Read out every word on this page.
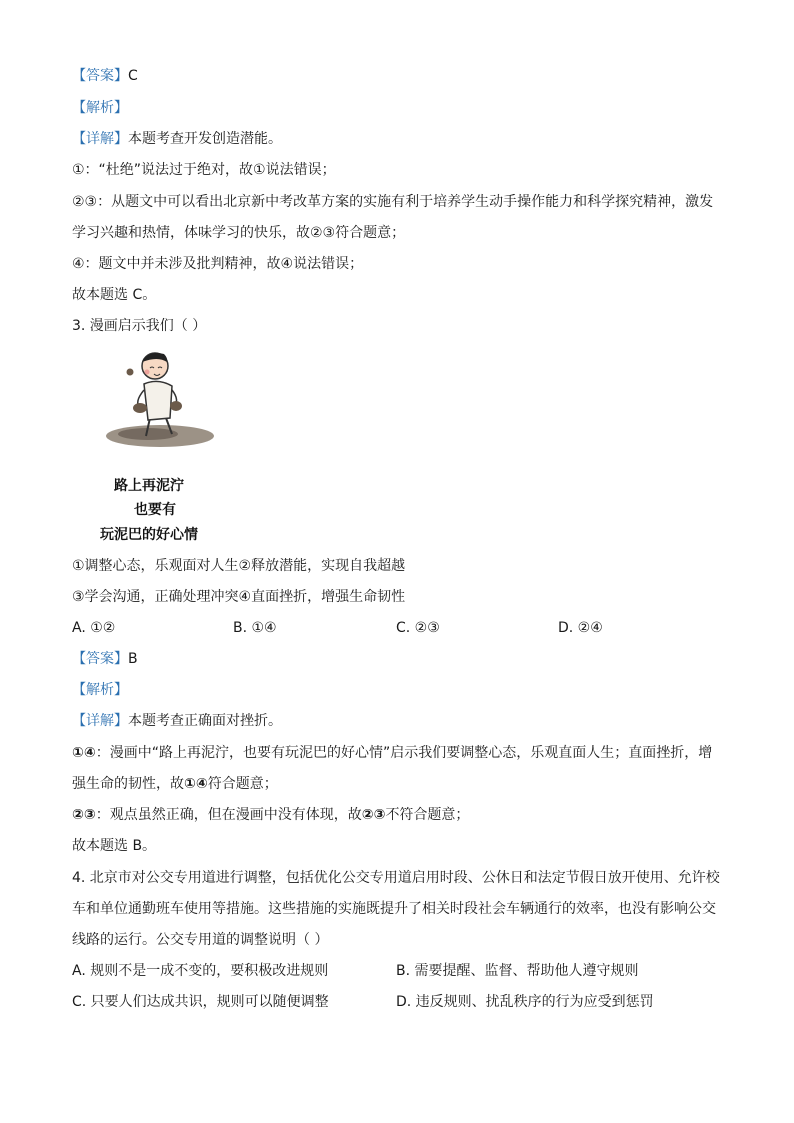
【答案】C
【解析】
【详解】本题考查开发创造潜能。
①：“杜绝”说法过于绝对，故①说法错误；
②③：从题文中可以看出北京新中考改革方案的实施有利于培养学生动手操作能力和科学探究精神，激发
学习兴趣和热情，体味学习的快乐，故②③符合题意；
④：题文中并未涉及批判精神，故④说法错误；
故本题选 C。
3. 漫画启示我们（ ）
路上再泥泞
也要有
玩泥巴的好心情
①调整心态，乐观面对人生②释放潜能，实现自我超越
③学会沟通，正确处理冲突④直面挫折，增强生命韧性
A. ①②	B. ①④	C. ②③	D. ②④
【答案】B
【解析】
【详解】本题考查正确面对挫折。
①④：漫画中“路上再泥泞，也要有玩泥巴的好心情”启示我们要调整心态，乐观直面人生；直面挫折，增
强生命的韧性，故①④符合题意；
②③：观点虽然正确，但在漫画中没有体现，故②③不符合题意；
故本题选 B。
4. 北京市对公交专用道进行调整，包括优化公交专用道启用时段、公休日和法定节假日放开使用、允许校
车和单位通勤班车使用等措施。这些措施的实施既提升了相关时段社会车辆通行的效率，也没有影响公交
线路的运行。公交专用道的调整说明（ ）
A. 规则不是一成不变的，要积极改进规则	B. 需要提醒、监督、帮助他人遵守规则
C. 只要人们达成共识，规则可以随便调整	D. 违反规则、扰乱秩序的行为应受到惩罚
